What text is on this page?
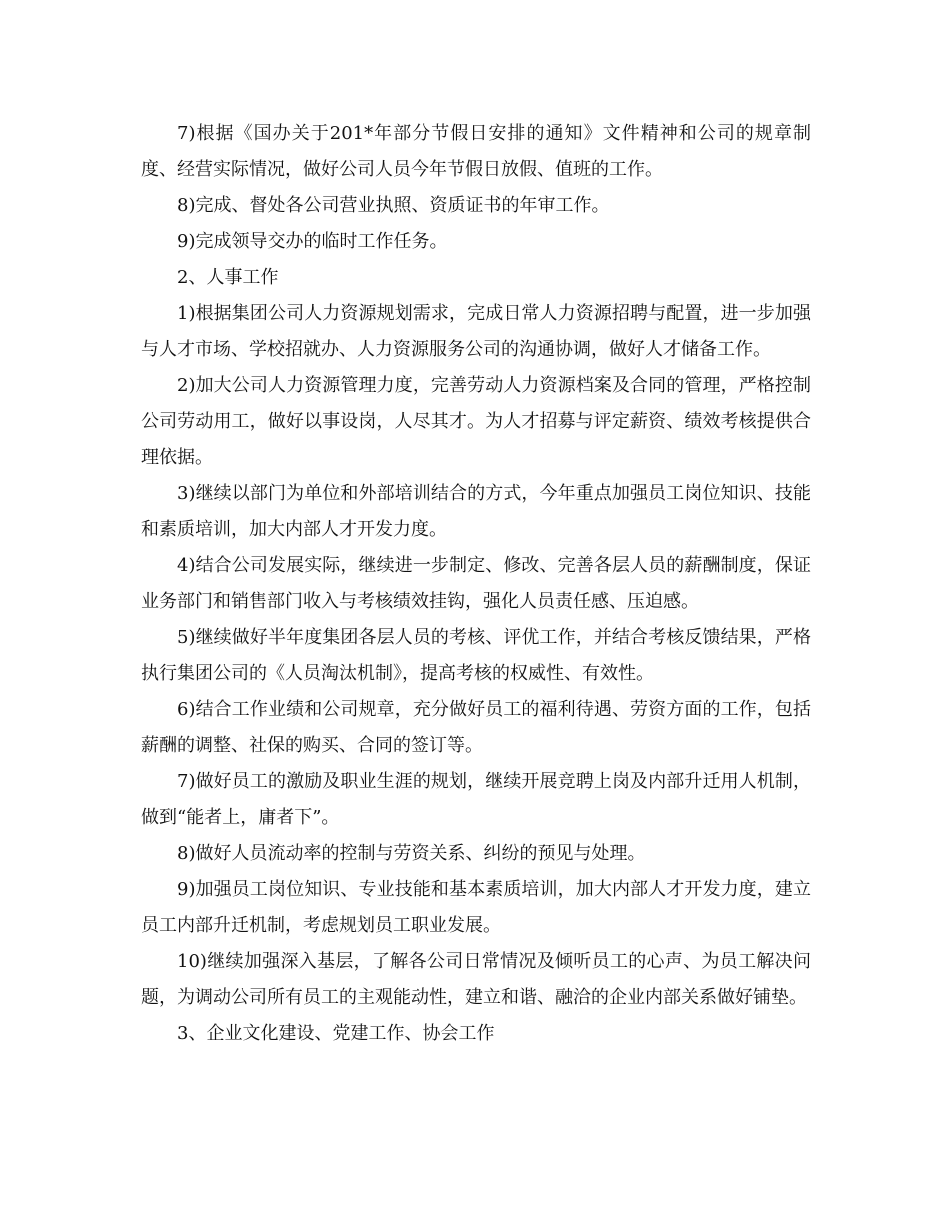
7)根据《国办关于201*年部分节假日安排的通知》文件精神和公司的规章制度、经营实际情况，做好公司人员今年节假日放假、值班的工作。

8)完成、督处各公司营业执照、资质证书的年审工作。

9)完成领导交办的临时工作任务。

2、人事工作

1)根据集团公司人力资源规划需求，完成日常人力资源招聘与配置，进一步加强与人才市场、学校招就办、人力资源服务公司的沟通协调，做好人才储备工作。

2)加大公司人力资源管理力度，完善劳动人力资源档案及合同的管理，严格控制公司劳动用工，做好以事设岗，人尽其才。为人才招募与评定薪资、绩效考核提供合理依据。

3)继续以部门为单位和外部培训结合的方式，今年重点加强员工岗位知识、技能和素质培训，加大内部人才开发力度。

4)结合公司发展实际，继续进一步制定、修改、完善各层人员的薪酬制度，保证业务部门和销售部门收入与考核绩效挂钩，强化人员责任感、压迫感。

5)继续做好半年度集团各层人员的考核、评优工作，并结合考核反馈结果，严格执行集团公司的《人员淘汰机制》，提高考核的权威性、有效性。

6)结合工作业绩和公司规章，充分做好员工的福利待遇、劳资方面的工作，包括薪酬的调整、社保的购买、合同的签订等。

7)做好员工的激励及职业生涯的规划，继续开展竞聘上岗及内部升迁用人机制，做到“能者上，庸者下”。

8)做好人员流动率的控制与劳资关系、纠纷的预见与处理。

9)加强员工岗位知识、专业技能和基本素质培训，加大内部人才开发力度，建立员工内部升迁机制，考虑规划员工职业发展。

10)继续加强深入基层，了解各公司日常情况及倾听员工的心声、为员工解决问题，为调动公司所有员工的主观能动性，建立和谐、融洽的企业内部关系做好铺垫。

3、企业文化建设、党建工作、协会工作
